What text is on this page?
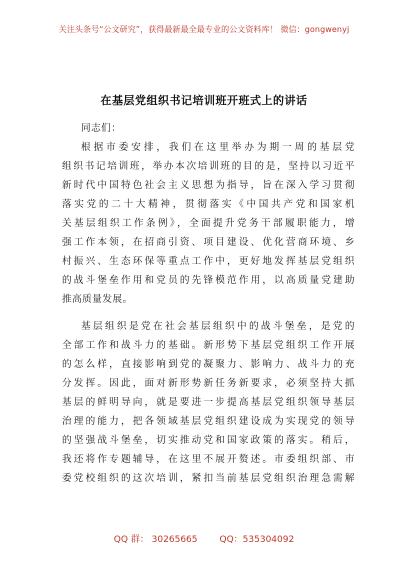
关注头条号“公文研究”，获得最新最全最专业的公文资料库！ 微信：gongwenyj
在基层党组织书记培训班开班式上的讲话
同志们：
根据市委安排，我们在这里举办为期一周的基层党
组织书记培训班，举办本次培训班的目的是，坚持以习近平
新时代中国特色社会主义思想为指导，旨在深入学习贯彻
落实党的二十大精神，贯彻落实《中国共产党和国家机
关基层组织工作条例》，全面提升党务干部履职能力，增
强工作本领，在招商引资、项目建设、优化营商环境、乡
村振兴、生态环保等重点工作中，更好地发挥基层党组织
的战斗堡垒作用和党员的先锋模范作用，以高质量党建助
推高质量发展。
基层组织是党在社会基层组织中的战斗堡垒，是党的
全部工作和战斗力的基础。新形势下基层党组织工作开展
的怎么样，直接影响到党的凝聚力、影响力、战斗力的充
分发挥。因此，面对新形势新任务新要求，必须坚持大抓
基层的鲜明导向，就是要进一步提高基层党组织领导基层
治理的能力，把各领域基层党组织建设成为实现党的领导
的坚强战斗堡垒，切实推动党和国家政策的落实。稍后，
我还将作专题辅导，在这里不展开赘述。市委组织部、市
委党校组织的这次培训，紧扣当前基层党组织治理急需解
QQ 群： 30265665 QQ：535304092
